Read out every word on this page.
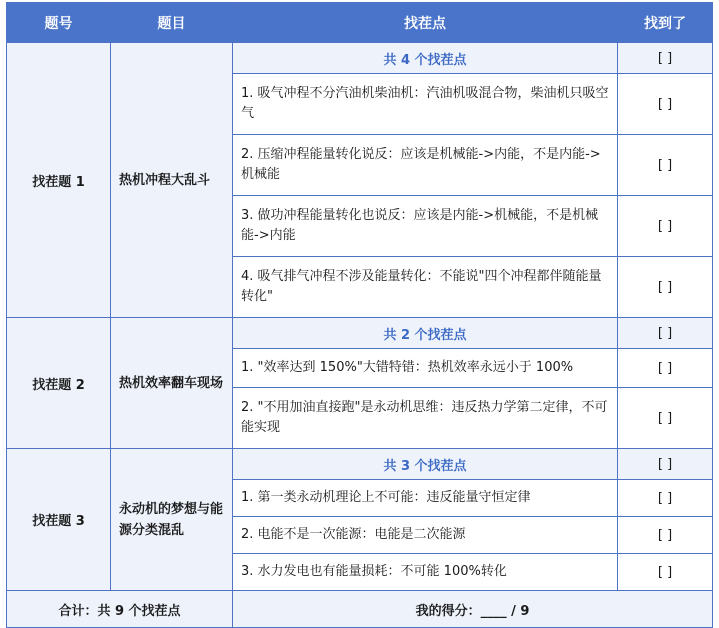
题号	题目	找茬点	找到了
找茬题 1	热机冲程大乱斗	共 4 个找茬点	[ ]
		1. 吸气冲程不分汽油机柴油机：汽油机吸混合物，柴油机只吸空气	[ ]
		2. 压缩冲程能量转化说反：应该是机械能->内能，不是内能->机械能	[ ]
		3. 做功冲程能量转化也说反：应该是内能->机械能，不是机械能->内能	[ ]
		4. 吸气排气冲程不涉及能量转化：不能说"四个冲程都伴随能量转化"	[ ]
找茬题 2	热机效率翻车现场	共 2 个找茬点	[ ]
		1. "效率达到 150%"大错特错：热机效率永远小于 100%	[ ]
		2. "不用加油直接跑"是永动机思维：违反热力学第二定律，不可能实现	[ ]
找茬题 3	永动机的梦想与能源分类混乱	共 3 个找茬点	[ ]
		1. 第一类永动机理论上不可能：违反能量守恒定律	[ ]
		2. 电能不是一次能源：电能是二次能源	[ ]
		3. 水力发电也有能量损耗：不可能 100%转化	[ ]
合计：共 9 个找茬点		我的得分：____ / 9	
